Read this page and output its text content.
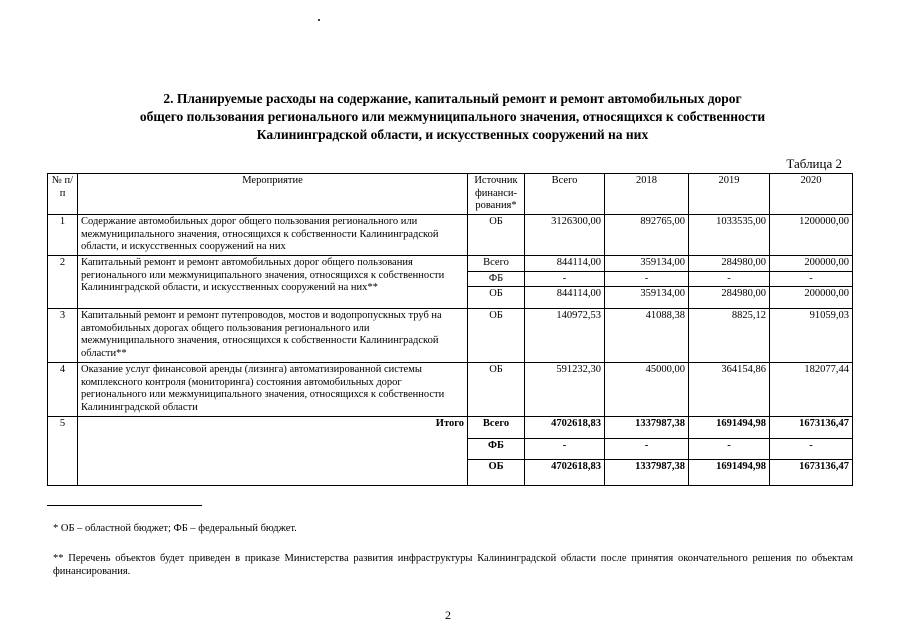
2. Планируемые расходы на содержание, капитальный ремонт и ремонт автомобильных дорог
общего пользования регионального или межмуниципального значения, относящихся к собственности
Калининградской области, и искусственных сооружений на них
Таблица 2
№ п/п	Мероприятие	Источник финанси-рования*	Всего	2018	2019	2020
1	Содержание автомобильных дорог общего пользования регионального или межмуниципального значения, относящихся к собственности Калининградской области, и искусственных сооружений на них	ОБ	3126300,00	892765,00	1033535,00	1200000,00
2	Капитальный ремонт и ремонт автомобильных дорог общего пользования регионального или межмуниципального значения, относящихся к собственности Калининградской области, и искусственных сооружений на них**	Всего	844114,00	359134,00	284980,00	200000,00
		ФБ	-	-	-	-
		ОБ	844114,00	359134,00	284980,00	200000,00
3	Капитальный ремонт и ремонт путепроводов, мостов и водопропускных труб на автомобильных дорогах общего пользования регионального или межмуниципального значения, относящихся к собственности Калининградской области**	ОБ	140972,53	41088,38	8825,12	91059,03
4	Оказание услуг финансовой аренды (лизинга) автоматизированной системы комплексного контроля (мониторинга) состояния автомобильных дорог регионального или межмуниципального значения, относящихся к собственности Калининградской области	ОБ	591232,30	45000,00	364154,86	182077,44
5	Итого	Всего	4702618,83	1337987,38	1691494,98	1673136,47
		ФБ	-	-	-	-
		ОБ	4702618,83	1337987,38	1691494,98	1673136,47
* ОБ – областной бюджет; ФБ – федеральный бюджет.
** Перечень объектов будет приведен в приказе Министерства развития инфраструктуры Калининградской области после принятия окончательного решения по объектам финансирования.
2
